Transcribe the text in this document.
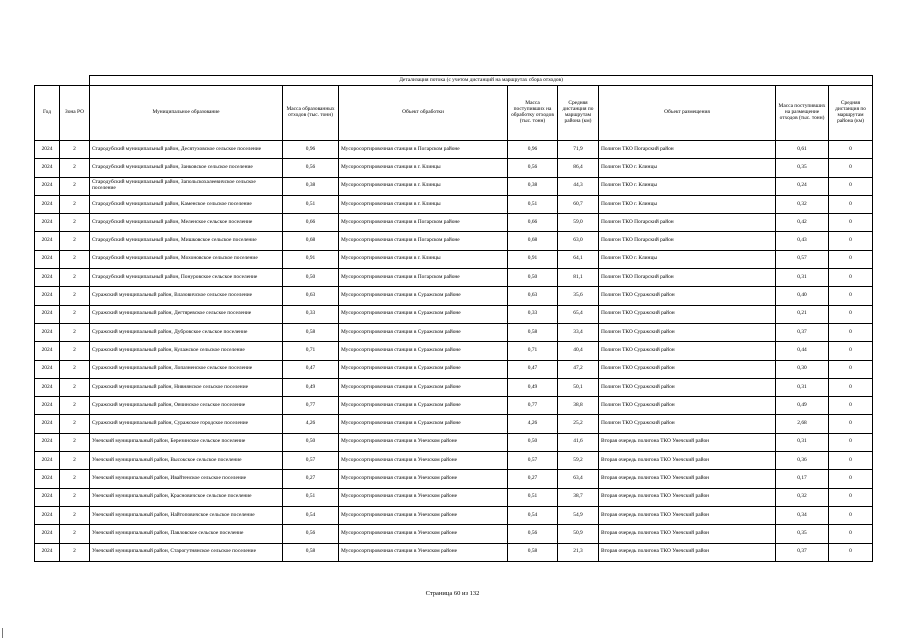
		Детализация потока (с учетом дистанций на маршрутах сбора отходов)							
Год	Зона РО	Муниципальное образование	Масса образованных отходов (тыс. тонн)	Объект обработки	Масса поступивших на обработку отходов (тыс. тонн)	Средняя дистанция по маршрутам района (км)	Объект размещения	Масса поступивших на размещение отходов (тыс. тонн)	Средняя дистанция по маршрутам района (км)
2024	2	Стародубский муниципальный район, Десятуховское сельское поселение	0,96	Мусоросортировочная станция в Погарском районе	0,96	71,9	Полигон ТКО Погарский район	0,61	0
2024	2	Стародубский муниципальный район, Занковское сельское поселение	0,56	Мусоросортировочная станция в г. Клинцы	0,56	86,4	Полигон ТКО г. Клинцы	0,35	0
2024	2	Стародубский муниципальный район, Запольскохалеевичское сельское поселение	0,38	Мусоросортировочная станция в г. Клинцы	0,38	44,3	Полигон ТКО г. Клинцы	0,24	0
2024	2	Стародубский муниципальный район, Каменское сельское поселение	0,51	Мусоросортировочная станция в г. Клинцы	0,51	60,7	Полигон ТКО г. Клинцы	0,32	0
2024	2	Стародубский муниципальный район, Меленское сельское поселение	0,66	Мусоросортировочная станция в Погарском районе	0,66	59,0	Полигон ТКО Погарский район	0,42	0
2024	2	Стародубский муниципальный район, Мишковское сельское поселение	0,68	Мусоросортировочная станция в Погарском районе	0,68	63,0	Полигон ТКО Погарский район	0,43	0
2024	2	Стародубский муниципальный район, Мохоновское сельское поселение	0,91	Мусоросортировочная станция в г. Клинцы	0,91	64,1	Полигон ТКО г. Клинцы	0,57	0
2024	2	Стародубский муниципальный район, Понуровское сельское поселение	0,50	Мусоросортировочная станция в Погарском районе	0,50	81,1	Полигон ТКО Погарский район	0,31	0
2024	2	Суражский муниципальный район, Влазовичское сельское поселение	0,63	Мусоросортировочная станция в Суражском районе	0,63	35,6	Полигон ТКО Суражский район	0,40	0
2024	2	Суражский муниципальный район, Дегтяревское сельское поселение	0,33	Мусоросортировочная станция в Суражском районе	0,33	65,4	Полигон ТКО Суражский район	0,21	0
2024	2	Суражский муниципальный район, Дубровское сельское поселение	0,58	Мусоросортировочная станция в Суражском районе	0,58	33,4	Полигон ТКО Суражский район	0,37	0
2024	2	Суражский муниципальный район, Кулажское сельское поселение	0,71	Мусоросортировочная станция в Суражском районе	0,71	40,4	Полигон ТКО Суражский район	0,44	0
2024	2	Суражский муниципальный район, Лопазненское сельское поселение	0,47	Мусоросортировочная станция в Суражском районе	0,47	47,2	Полигон ТКО Суражский район	0,30	0
2024	2	Суражский муниципальный район, Нивнянское сельское поселение	0,49	Мусоросортировочная станция в Суражском районе	0,49	50,1	Полигон ТКО Суражский район	0,31	0
2024	2	Суражский муниципальный район, Овчинское сельское поселение	0,77	Мусоросортировочная станция в Суражском районе	0,77	38,8	Полигон ТКО Суражский район	0,49	0
2024	2	Суражский муниципальный район, Суражское городское поселение	4,26	Мусоросортировочная станция в Суражском районе	4,26	25,2	Полигон ТКО Суражский район	2,68	0
2024	2	Унечский муниципальный район, Березинское сельское поселение	0,50	Мусоросортировочная станция в Унечском районе	0,50	41,6	Вторая очередь полигона ТКО Унечский район	0,31	0
2024	2	Унечский муниципальный район, Высокское сельское поселение	0,57	Мусоросортировочная станция в Унечском районе	0,57	59,2	Вторая очередь полигона ТКО Унечский район	0,36	0
2024	2	Унечский муниципальный район, Ивайтенское сельское поселение	0,27	Мусоросортировочная станция в Унечском районе	0,27	63,4	Вторая очередь полигона ТКО Унечский район	0,17	0
2024	2	Унечский муниципальный район, Красновичское сельское поселение	0,51	Мусоросортировочная станция в Унечском районе	0,51	38,7	Вторая очередь полигона ТКО Унечский район	0,32	0
2024	2	Унечский муниципальный район, Найтоповичское сельское поселение	0,54	Мусоросортировочная станция в Унечском районе	0,54	54,9	Вторая очередь полигона ТКО Унечский район	0,34	0
2024	2	Унечский муниципальный район, Павловское сельское поселение	0,56	Мусоросортировочная станция в Унечском районе	0,56	50,9	Вторая очередь полигона ТКО Унечский район	0,35	0
2024	2	Унечский муниципальный район, Старогутнянское сельское поселение	0,58	Мусоросортировочная станция в Унечском районе	0,58	21,3	Вторая очередь полигона ТКО Унечский район	0,37	0
Страница 60 из 132
